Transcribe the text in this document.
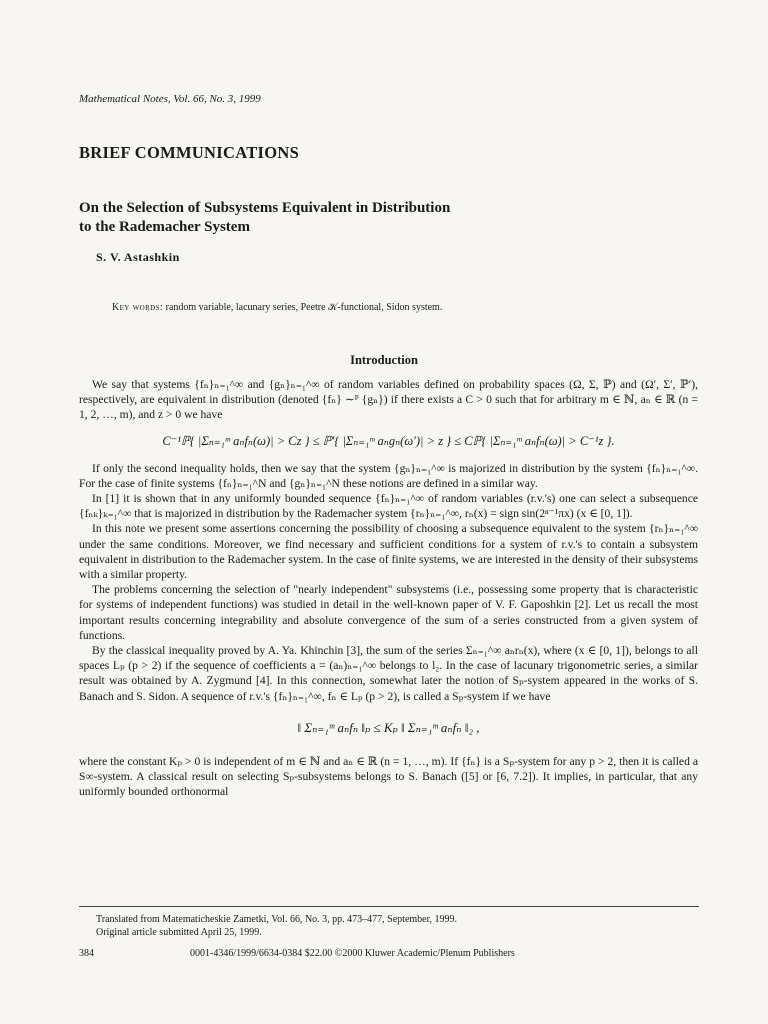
Mathematical Notes, Vol. 66, No. 3, 1999
BRIEF COMMUNICATIONS
On the Selection of Subsystems Equivalent in Distribution
to the Rademacher System
S. V. Astashkin
Key words: random variable, lacunary series, Peetre 𝒦-functional, Sidon system.
Introduction

We say that systems {fₙ}ₙ₌₁^∞ and {gₙ}ₙ₌₁^∞ of random variables defined on probability spaces (Ω, Σ, ℙ) and (Ω′, Σ′, ℙ′), respectively, are equivalent in distribution (denoted {fₙ} ∼ᴾ {gₙ}) if there exists a C > 0 such that for arbitrary m ∈ ℕ, aₙ ∈ ℝ (n = 1, 2, …, m), and z > 0 we have

C⁻¹ℙ{ |Σₙ₌₁ᵐ aₙfₙ(ω)| > Cz } ≤ ℙ′{ |Σₙ₌₁ᵐ aₙgₙ(ω′)| > z } ≤ Cℙ{ |Σₙ₌₁ᵐ aₙfₙ(ω)| > C⁻¹z }.

If only the second inequality holds, then we say that the system {gₙ}ₙ₌₁^∞ is majorized in distribution by the system {fₙ}ₙ₌₁^∞. For the case of finite systems {fₙ}ₙ₌₁^N and {gₙ}ₙ₌₁^N these notions are defined in a similar way.

In [1] it is shown that in any uniformly bounded sequence {fₙ}ₙ₌₁^∞ of random variables (r.v.'s) one can select a subsequence {fₙₖ}ₖ₌₁^∞ that is majorized in distribution by the Rademacher system {rₙ}ₙ₌₁^∞, rₙ(x) = sign sin(2ⁿ⁻¹πx) (x ∈ [0, 1]).

In this note we present some assertions concerning the possibility of choosing a subsequence equivalent to the system {rₙ}ₙ₌₁^∞ under the same conditions. Moreover, we find necessary and sufficient conditions for a system of r.v.'s to contain a subsystem equivalent in distribution to the Rademacher system. In the case of finite systems, we are interested in the density of their subsystems with a similar property.

The problems concerning the selection of "nearly independent" subsystems (i.e., possessing some property that is characteristic for systems of independent functions) was studied in detail in the well-known paper of V. F. Gaposhkin [2]. Let us recall the most important results concerning integrability and absolute convergence of the sum of a series constructed from a given system of functions.

By the classical inequality proved by A. Ya. Khinchin [3], the sum of the series Σₙ₌₁^∞ aₙrₙ(x), where (x ∈ [0, 1]), belongs to all spaces Lₚ (p > 2) if the sequence of coefficients a = (aₙ)ₙ₌₁^∞ belongs to l₂. In the case of lacunary trigonometric series, a similar result was obtained by A. Zygmund [4]. In this connection, somewhat later the notion of Sₚ-system appeared in the works of S. Banach and S. Sidon. A sequence of r.v.'s {fₙ}ₙ₌₁^∞, fₙ ∈ Lₚ (p > 2), is called a Sₚ-system if we have

‖ Σₙ₌₁ᵐ aₙfₙ ‖ₚ ≤ Kₚ ‖ Σₙ₌₁ᵐ aₙfₙ ‖₂ ,

where the constant Kₚ > 0 is independent of m ∈ ℕ and aₙ ∈ ℝ (n = 1, …, m). If {fₙ} is a Sₚ-system for any p > 2, then it is called a S∞-system. A classical result on selecting Sₚ-subsystems belongs to S. Banach ([5] or [6, 7.2]). It implies, in particular, that any uniformly bounded orthonormal

Translated from Matematicheskie Zametki, Vol. 66, No. 3, pp. 473–477, September, 1999.
Original article submitted April 25, 1999.
384	0001-4346/1999/6634-0384 $22.00 ©2000 Kluwer Academic/Plenum Publishers
